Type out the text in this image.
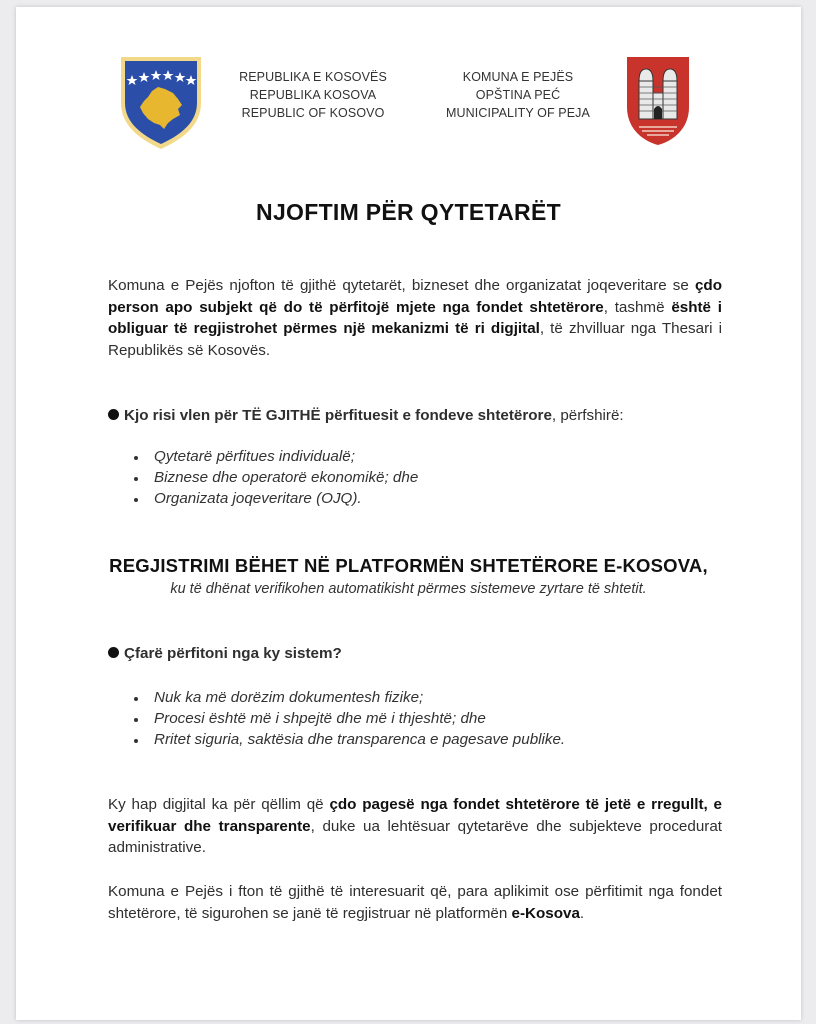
REPUBLIKA E KOSOVËS
REPUBLIKA KOSOVA
REPUBLIC OF KOSOVO
KOMUNA E PEJËS
OPŠTINA PEĆ
MUNICIPALITY OF PEJA
NJOFTIM PËR QYTETARËT
Komuna e Pejës njofton të gjithë qytetarët, bizneset dhe organizatat joqeveritare se çdo person apo subjekt që do të përfitojë mjete nga fondet shtetërore, tashmë është i obliguar të regjistrohet përmes një mekanizmi të ri digjital, të zhvilluar nga Thesari i Republikës së Kosovës.
Kjo risi vlen për TË GJITHË përfituesit e fondeve shtetërore, përfshirë:
Qytetarë përfitues individualë;
Biznese dhe operatorë ekonomikë; dhe
Organizata joqeveritare (OJQ).
REGJISTRIMI BËHET NË PLATFORMËN SHTETËRORE E-KOSOVA,
ku të dhënat verifikohen automatikisht përmes sistemeve zyrtare të shtetit.
Çfarë përfitoni nga ky sistem?
Nuk ka më dorëzim dokumentesh fizike;
Procesi është më i shpejtë dhe më i thjeshtë; dhe
Rritet siguria, saktësia dhe transparenca e pagesave publike.
Ky hap digjital ka për qëllim që çdo pagesë nga fondet shtetërore të jetë e rregullt, e verifikuar dhe transparente, duke ua lehtësuar qytetarëve dhe subjekteve procedurat administrative.
Komuna e Pejës i fton të gjithë të interesuarit që, para aplikimit ose përfitimit nga fondet shtetërore, të sigurohen se janë të regjistruar në platformën e-Kosova.
